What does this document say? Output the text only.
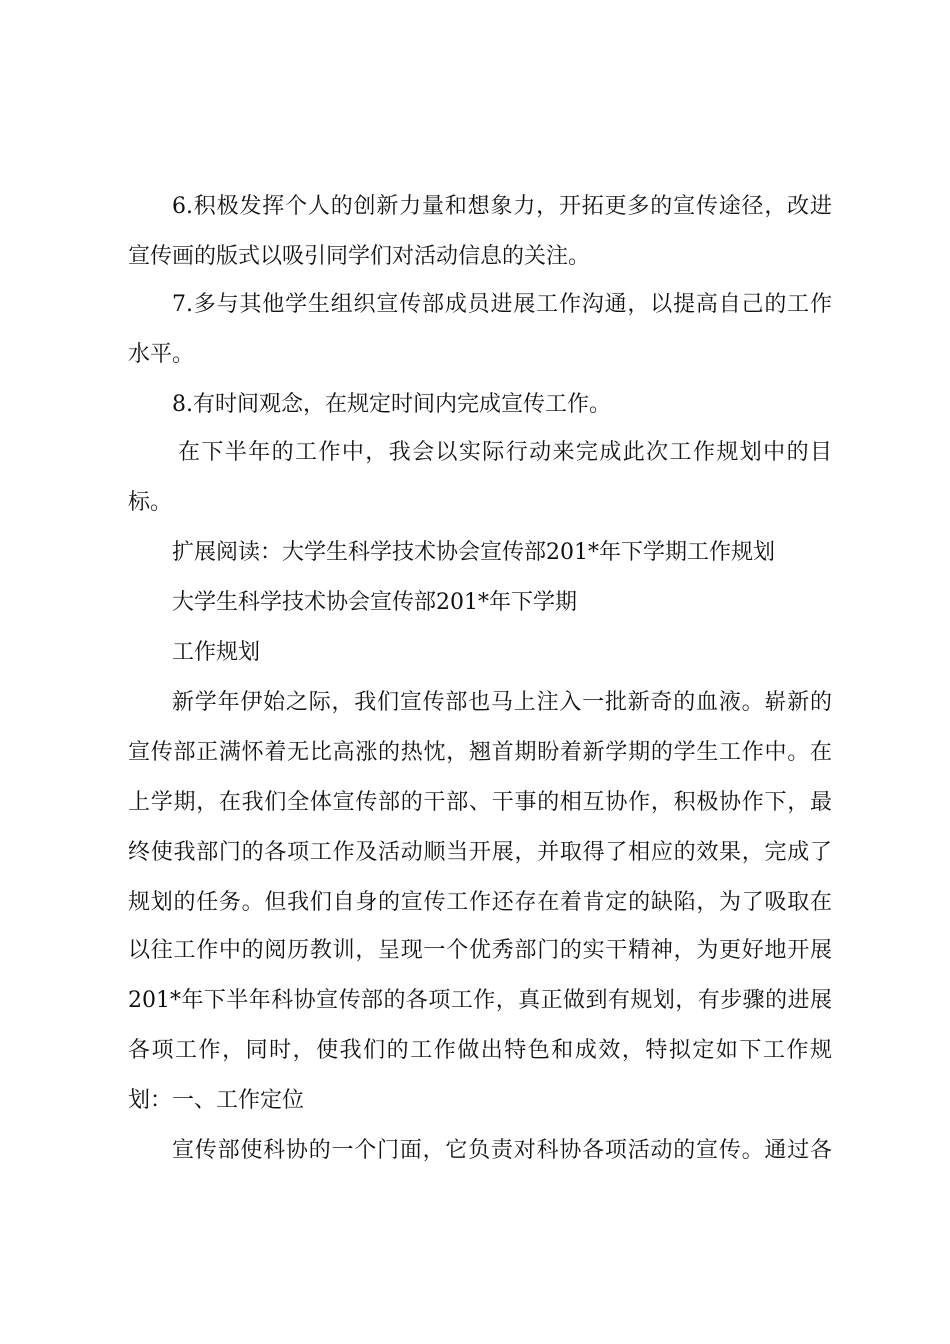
6.积极发挥个人的创新力量和想象力，开拓更多的宣传途径，改进
宣传画的版式以吸引同学们对活动信息的关注。
7.多与其他学生组织宣传部成员进展工作沟通，以提高自己的工作
水平。
8.有时间观念，在规定时间内完成宣传工作。
在下半年的工作中，我会以实际行动来完成此次工作规划中的目
标。
扩展阅读：大学生科学技术协会宣传部201*年下学期工作规划
大学生科学技术协会宣传部201*年下学期
工作规划
新学年伊始之际，我们宣传部也马上注入一批新奇的血液。崭新的
宣传部正满怀着无比高涨的热忱，翘首期盼着新学期的学生工作中。在
上学期，在我们全体宣传部的干部、干事的相互协作，积极协作下，最
终使我部门的各项工作及活动顺当开展，并取得了相应的效果，完成了
规划的任务。但我们自身的宣传工作还存在着肯定的缺陷，为了吸取在
以往工作中的阅历教训，呈现一个优秀部门的实干精神，为更好地开展
201*年下半年科协宣传部的各项工作，真正做到有规划，有步骤的进展
各项工作，同时，使我们的工作做出特色和成效，特拟定如下工作规
划：一、工作定位
宣传部使科协的一个门面，它负责对科协各项活动的宣传。通过各
